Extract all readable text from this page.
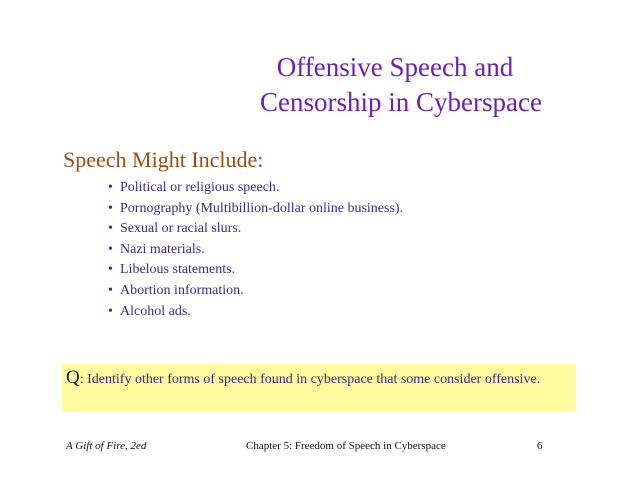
Offensive Speech and
Censorship in Cyberspace
Speech Might Include:
• Political or religious speech.
• Pornography (Multibillion-dollar online business).
• Sexual or racial slurs.
• Nazi materials.
• Libelous statements.
• Abortion information.
• Alcohol ads.
Q: Identify other forms of speech found in cyberspace that some consider offensive.
A Gift of Fire, 2ed	Chapter 5: Freedom of Speech in Cyberspace	6
